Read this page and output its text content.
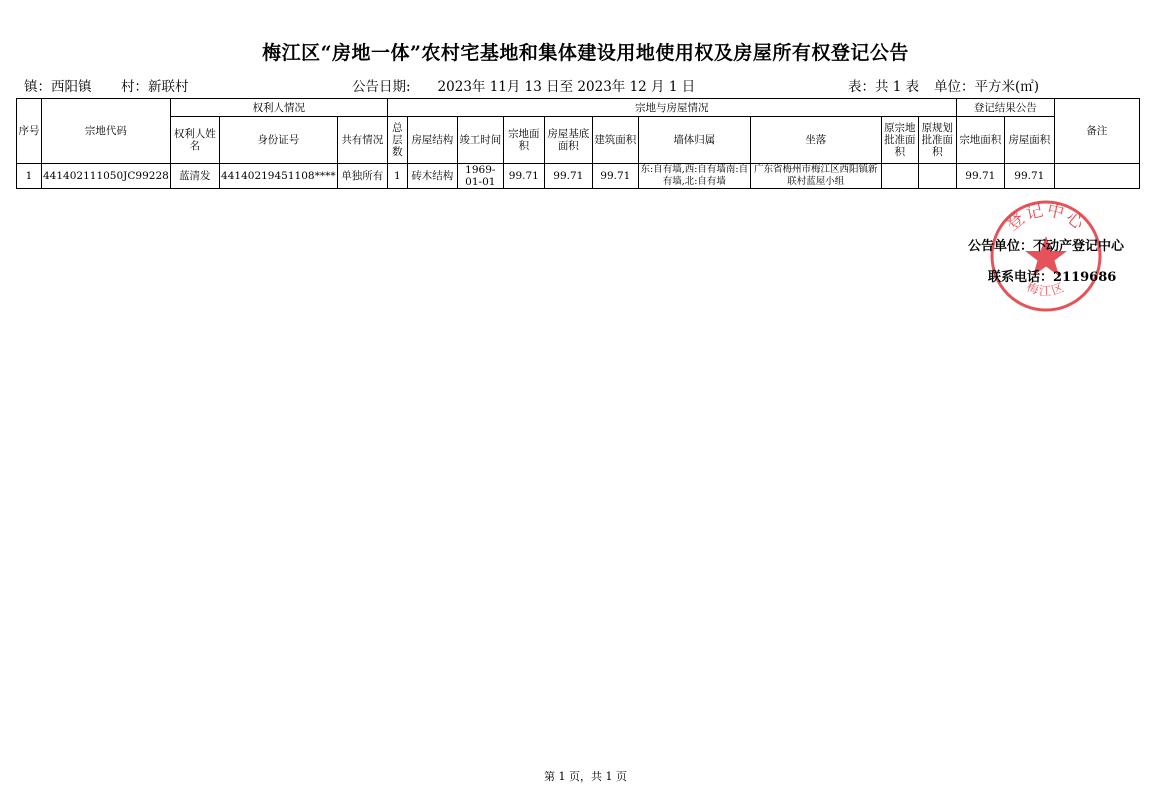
梅江区“房地一体”农村宅基地和集体建设用地使用权及房屋所有权登记公告
镇：西阳镇 村：新联村	公告日期:　　2023年 11月 13 日至 2023年 12 月 1 日	表：共 1 表 单位：平方米(㎡)
序号	宗地代码	权利人情况			宗地与房屋情况										登记结果公告		备注
		权利人姓名	身份证号	共有情况	总层数	房屋结构	竣工时间	宗地面积	房屋基底面积	建筑面积	墙体归属	坐落	原宗地批准面积	原规划批准面积	宗地面积	房屋面积	
1	441402111050JC99228	蓝清发	44140219451108****	单独所有	1	砖木结构	1969-01-01	99.71	99.71	99.71	东:自有墙,西:自有墙南:自有墙,北:自有墙	广东省梅州市梅江区西阳镇新联村蓝屋小组			99.71	99.71	
登记中心
梅江区
公告单位：不动产登记中心
联系电话：2119686
第 1 页，共 1 页
